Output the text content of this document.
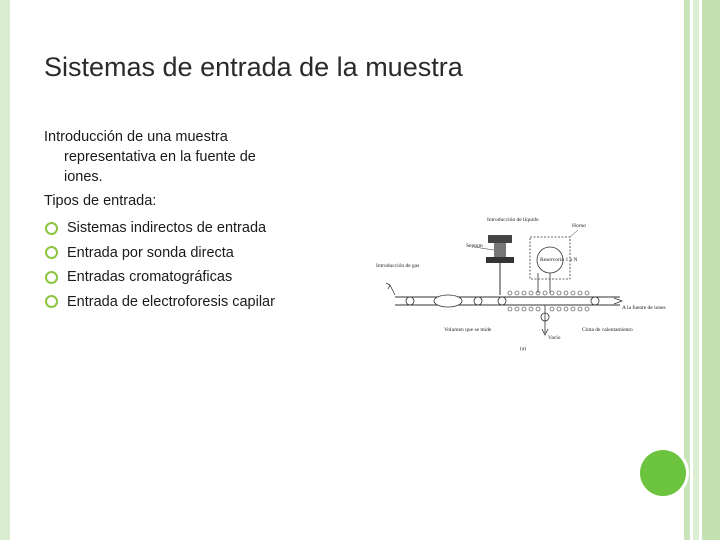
Sistemas de entrada de la muestra
Introducción de una muestra
representativa en la fuente de iones.
Tipos de entrada:
Sistemas indirectos de entrada
Entrada por sonda directa
Entradas cromatográficas
Entrada de electroforesis capilar
Introducción de líquido
Horno
Septum
Reservorio 1 a N
Introducción de gas
A la fuente de iones
Volumen que se mide
Vacío
Cinta de calentamiento
(a)
